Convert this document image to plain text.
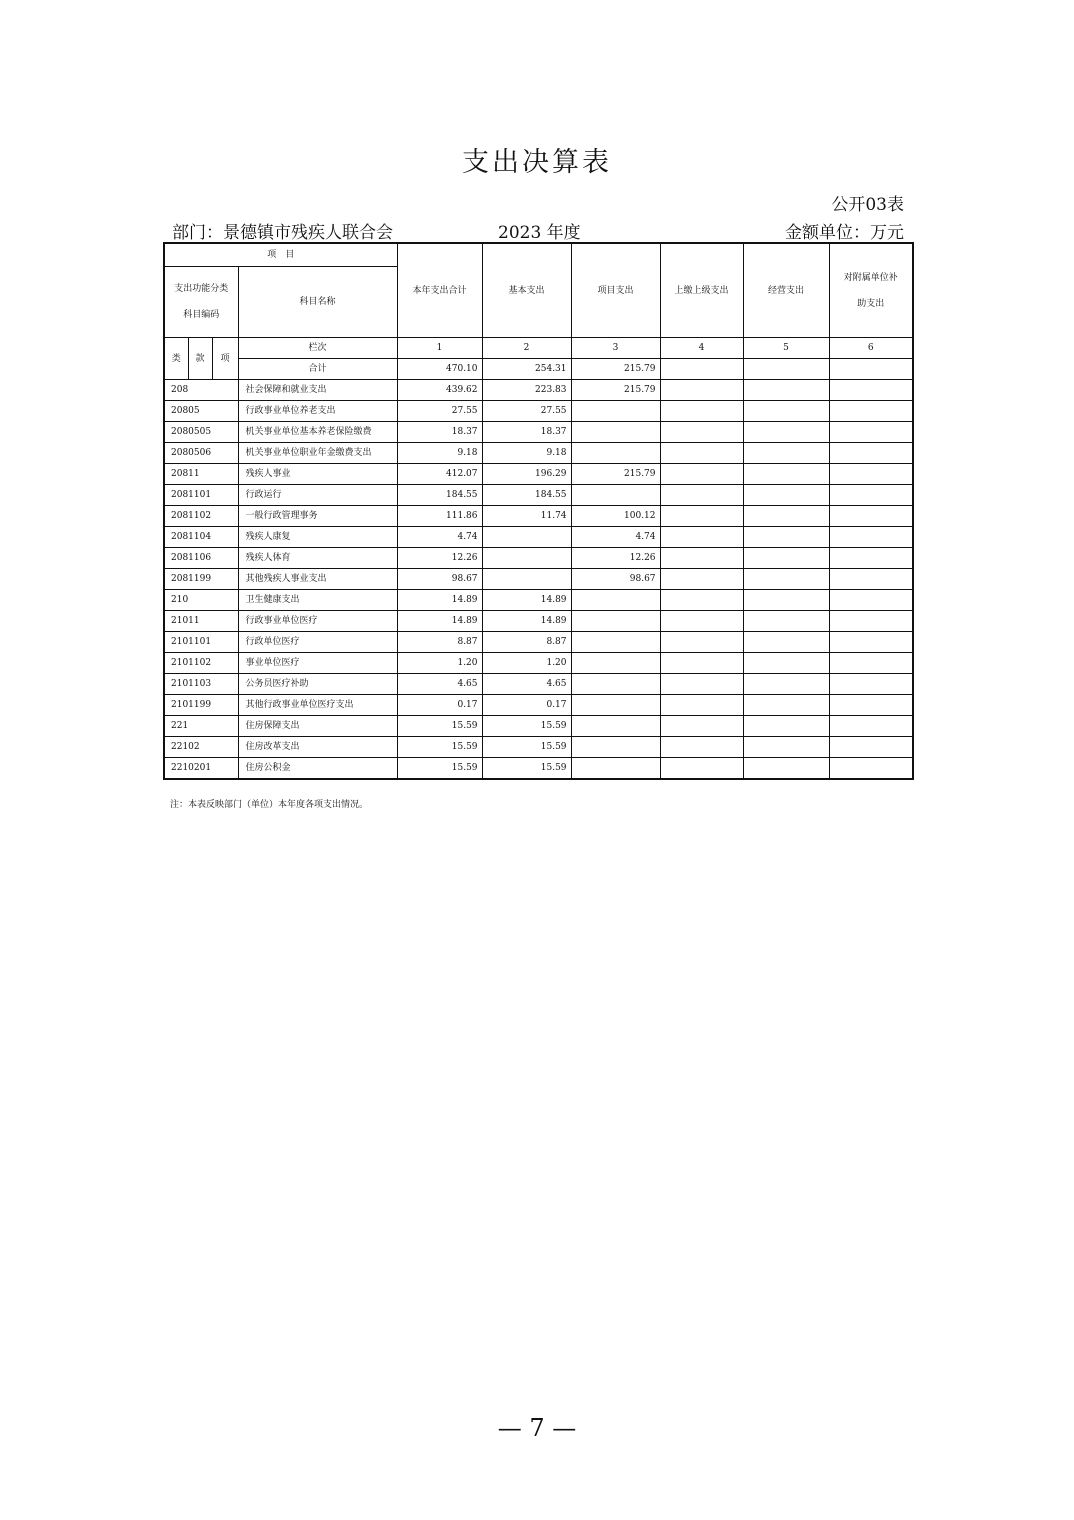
支出决算表
公开03表
部门：景德镇市残疾人联合会	2023 年度	金额单位：万元
项　目				本年支出合计	基本支出	项目支出	上缴上级支出	经营支出	对附属单位补助支出
支出功能分类科目编码			科目名称						
类	款	项	栏次	1	2	3	4	5	6
			合计	470.10	254.31	215.79			
208			社会保障和就业支出	439.62	223.83	215.79			
20805			行政事业单位养老支出	27.55	27.55				
2080505			机关事业单位基本养老保险缴费	18.37	18.37				
2080506			机关事业单位职业年金缴费支出	9.18	9.18				
20811			残疾人事业	412.07	196.29	215.79			
2081101			行政运行	184.55	184.55				
2081102			一般行政管理事务	111.86	11.74	100.12			
2081104			残疾人康复	4.74		4.74			
2081106			残疾人体育	12.26		12.26			
2081199			其他残疾人事业支出	98.67		98.67			
210			卫生健康支出	14.89	14.89				
21011			行政事业单位医疗	14.89	14.89				
2101101			行政单位医疗	8.87	8.87				
2101102			事业单位医疗	1.20	1.20				
2101103			公务员医疗补助	4.65	4.65				
2101199			其他行政事业单位医疗支出	0.17	0.17				
221			住房保障支出	15.59	15.59				
22102			住房改革支出	15.59	15.59				
2210201			住房公积金	15.59	15.59				
注：本表反映部门（单位）本年度各项支出情况。
— 7 —
